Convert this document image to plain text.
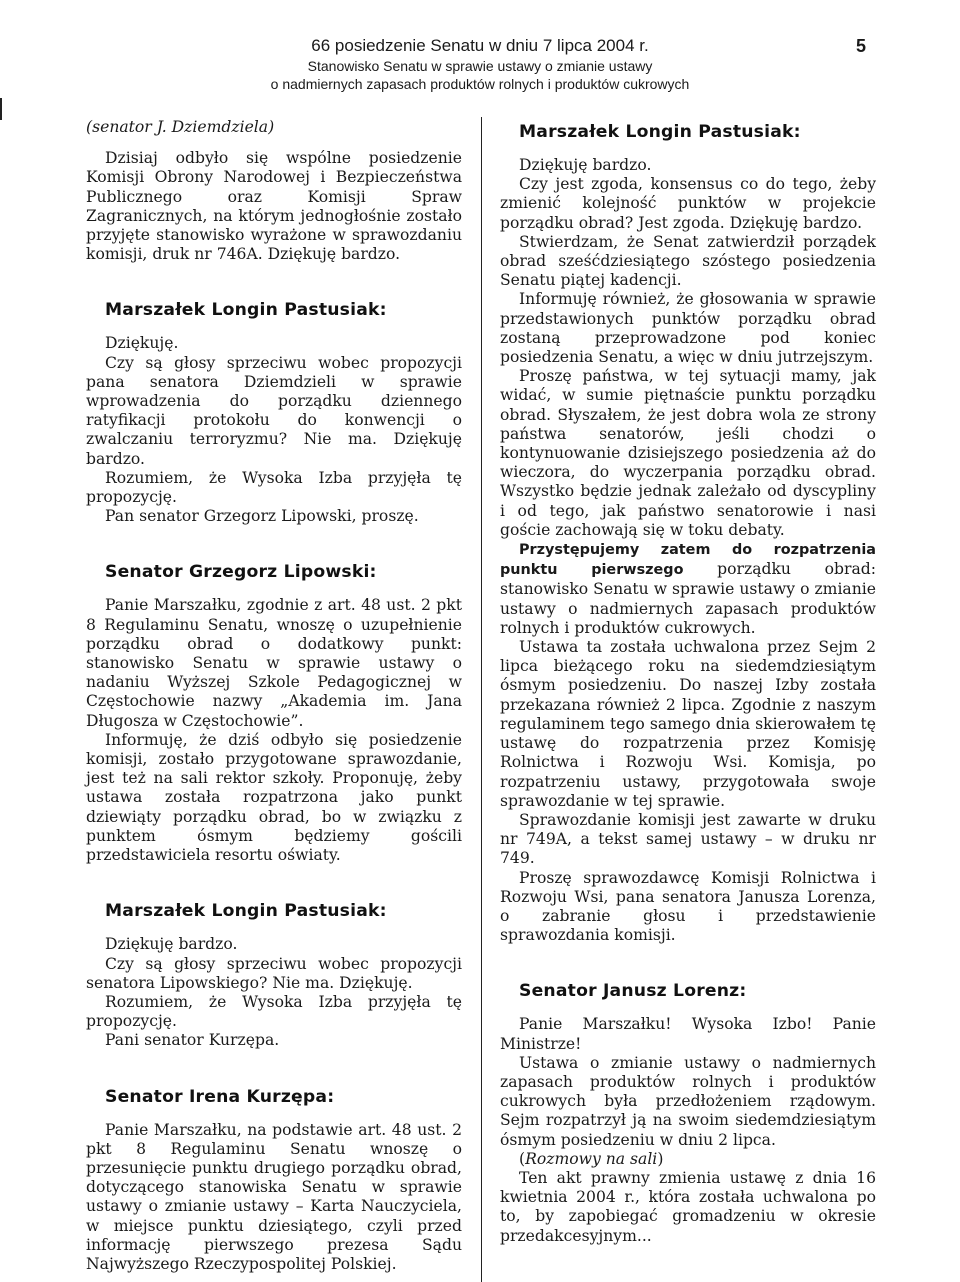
66 posiedzenie Senatu w dniu 7 lipca 2004 r.
Stanowisko Senatu w sprawie ustawy o zmianie ustawy
o nadmiernych zapasach produktów rolnych i produktów cukrowych
5

(senator J. Dziemdziela)

Dzisiaj odbyło się wspólne posiedzenie Komisji Obrony Narodowej i Bezpieczeństwa Publicznego oraz Komisji Spraw Zagranicznych, na którym jednogłośnie zostało przyjęte stanowisko wyrażone w sprawozdaniu komisji, druk nr 746A. Dziękuję bardzo.

Marszałek Longin Pastusiak:

Dziękuję.

Czy są głosy sprzeciwu wobec propozycji pana senatora Dziemdzieli w sprawie wprowadzenia do porządku dziennego ratyfikacji protokołu do konwencji o zwalczaniu terroryzmu? Nie ma. Dziękuję bardzo.

Rozumiem, że Wysoka Izba przyjęła tę propozycję.

Pan senator Grzegorz Lipowski, proszę.

Senator Grzegorz Lipowski:

Panie Marszałku, zgodnie z art. 48 ust. 2 pkt 8 Regulaminu Senatu, wnoszę o uzupełnienie porządku obrad o dodatkowy punkt: stanowisko Senatu w sprawie ustawy o nadaniu Wyższej Szkole Pedagogicznej w Częstochowie nazwy „Akademia im. Jana Długosza w Częstochowie”.

Informuję, że dziś odbyło się posiedzenie komisji, zostało przygotowane sprawozdanie, jest też na sali rektor szkoły. Proponuję, żeby ustawa została rozpatrzona jako punkt dziewiąty porządku obrad, bo w związku z punktem ósmym będziemy gościli przedstawiciela resortu oświaty.

Marszałek Longin Pastusiak:

Dziękuję bardzo.

Czy są głosy sprzeciwu wobec propozycji senatora Lipowskiego? Nie ma. Dziękuję.

Rozumiem, że Wysoka Izba przyjęła tę propozycję.

Pani senator Kurzępa.

Senator Irena Kurzępa:

Panie Marszałku, na podstawie art. 48 ust. 2 pkt 8 Regulaminu Senatu wnoszę o przesunięcie punktu drugiego porządku obrad, dotyczącego stanowiska Senatu w sprawie ustawy o zmianie ustawy – Karta Nauczyciela, w miejsce punktu dziesiątego, czyli przed informację pierwszego prezesa Sądu Najwyższego Rzeczypospolitej Polskiej.

Marszałek Longin Pastusiak:

Dziękuję bardzo.

Czy jest zgoda, konsensus co do tego, żeby zmienić kolejność punktów w projekcie porządku obrad? Jest zgoda. Dziękuję bardzo.

Stwierdzam, że Senat zatwierdził porządek obrad sześćdziesiątego szóstego posiedzenia Senatu piątej kadencji.

Informuję również, że głosowania w sprawie przedstawionych punktów porządku obrad zostaną przeprowadzone pod koniec posiedzenia Senatu, a więc w dniu jutrzejszym.

Proszę państwa, w tej sytuacji mamy, jak widać, w sumie piętnaście punktu porządku obrad. Słyszałem, że jest dobra wola ze strony państwa senatorów, jeśli chodzi o kontynuowanie dzisiejszego posiedzenia aż do wieczora, do wyczerpania porządku obrad. Wszystko będzie jednak zależało od dyscypliny i od tego, jak państwo senatorowie i nasi goście zachowają się w toku debaty.

Przystępujemy zatem do rozpatrzenia punktu pierwszego porządku obrad: stanowisko Senatu w sprawie ustawy o zmianie ustawy o nadmiernych zapasach produktów rolnych i produktów cukrowych.

Ustawa ta została uchwalona przez Sejm 2 lipca bieżącego roku na siedemdziesiątym ósmym posiedzeniu. Do naszej Izby została przekazana również 2 lipca. Zgodnie z naszym regulaminem tego samego dnia skierowałem tę ustawę do rozpatrzenia przez Komisję Rolnictwa i Rozwoju Wsi. Komisja, po rozpatrzeniu ustawy, przygotowała swoje sprawozdanie w tej sprawie.

Sprawozdanie komisji jest zawarte w druku nr 749A, a tekst samej ustawy – w druku nr 749.

Proszę sprawozdawcę Komisji Rolnictwa i Rozwoju Wsi, pana senatora Janusza Lorenza, o zabranie głosu i przedstawienie sprawozdania komisji.

Senator Janusz Lorenz:

Panie Marszałku! Wysoka Izbo! Panie Ministrze!

Ustawa o zmianie ustawy o nadmiernych zapasach produktów rolnych i produktów cukrowych była przedłożeniem rządowym. Sejm rozpatrzył ją na swoim siedemdziesiątym ósmym posiedzeniu w dniu 2 lipca.

(Rozmowy na sali)

Ten akt prawny zmienia ustawę z dnia 16 kwietnia 2004 r., która została uchwalona po to, by zapobiegać gromadzeniu w okresie przedakcesyjnym...
